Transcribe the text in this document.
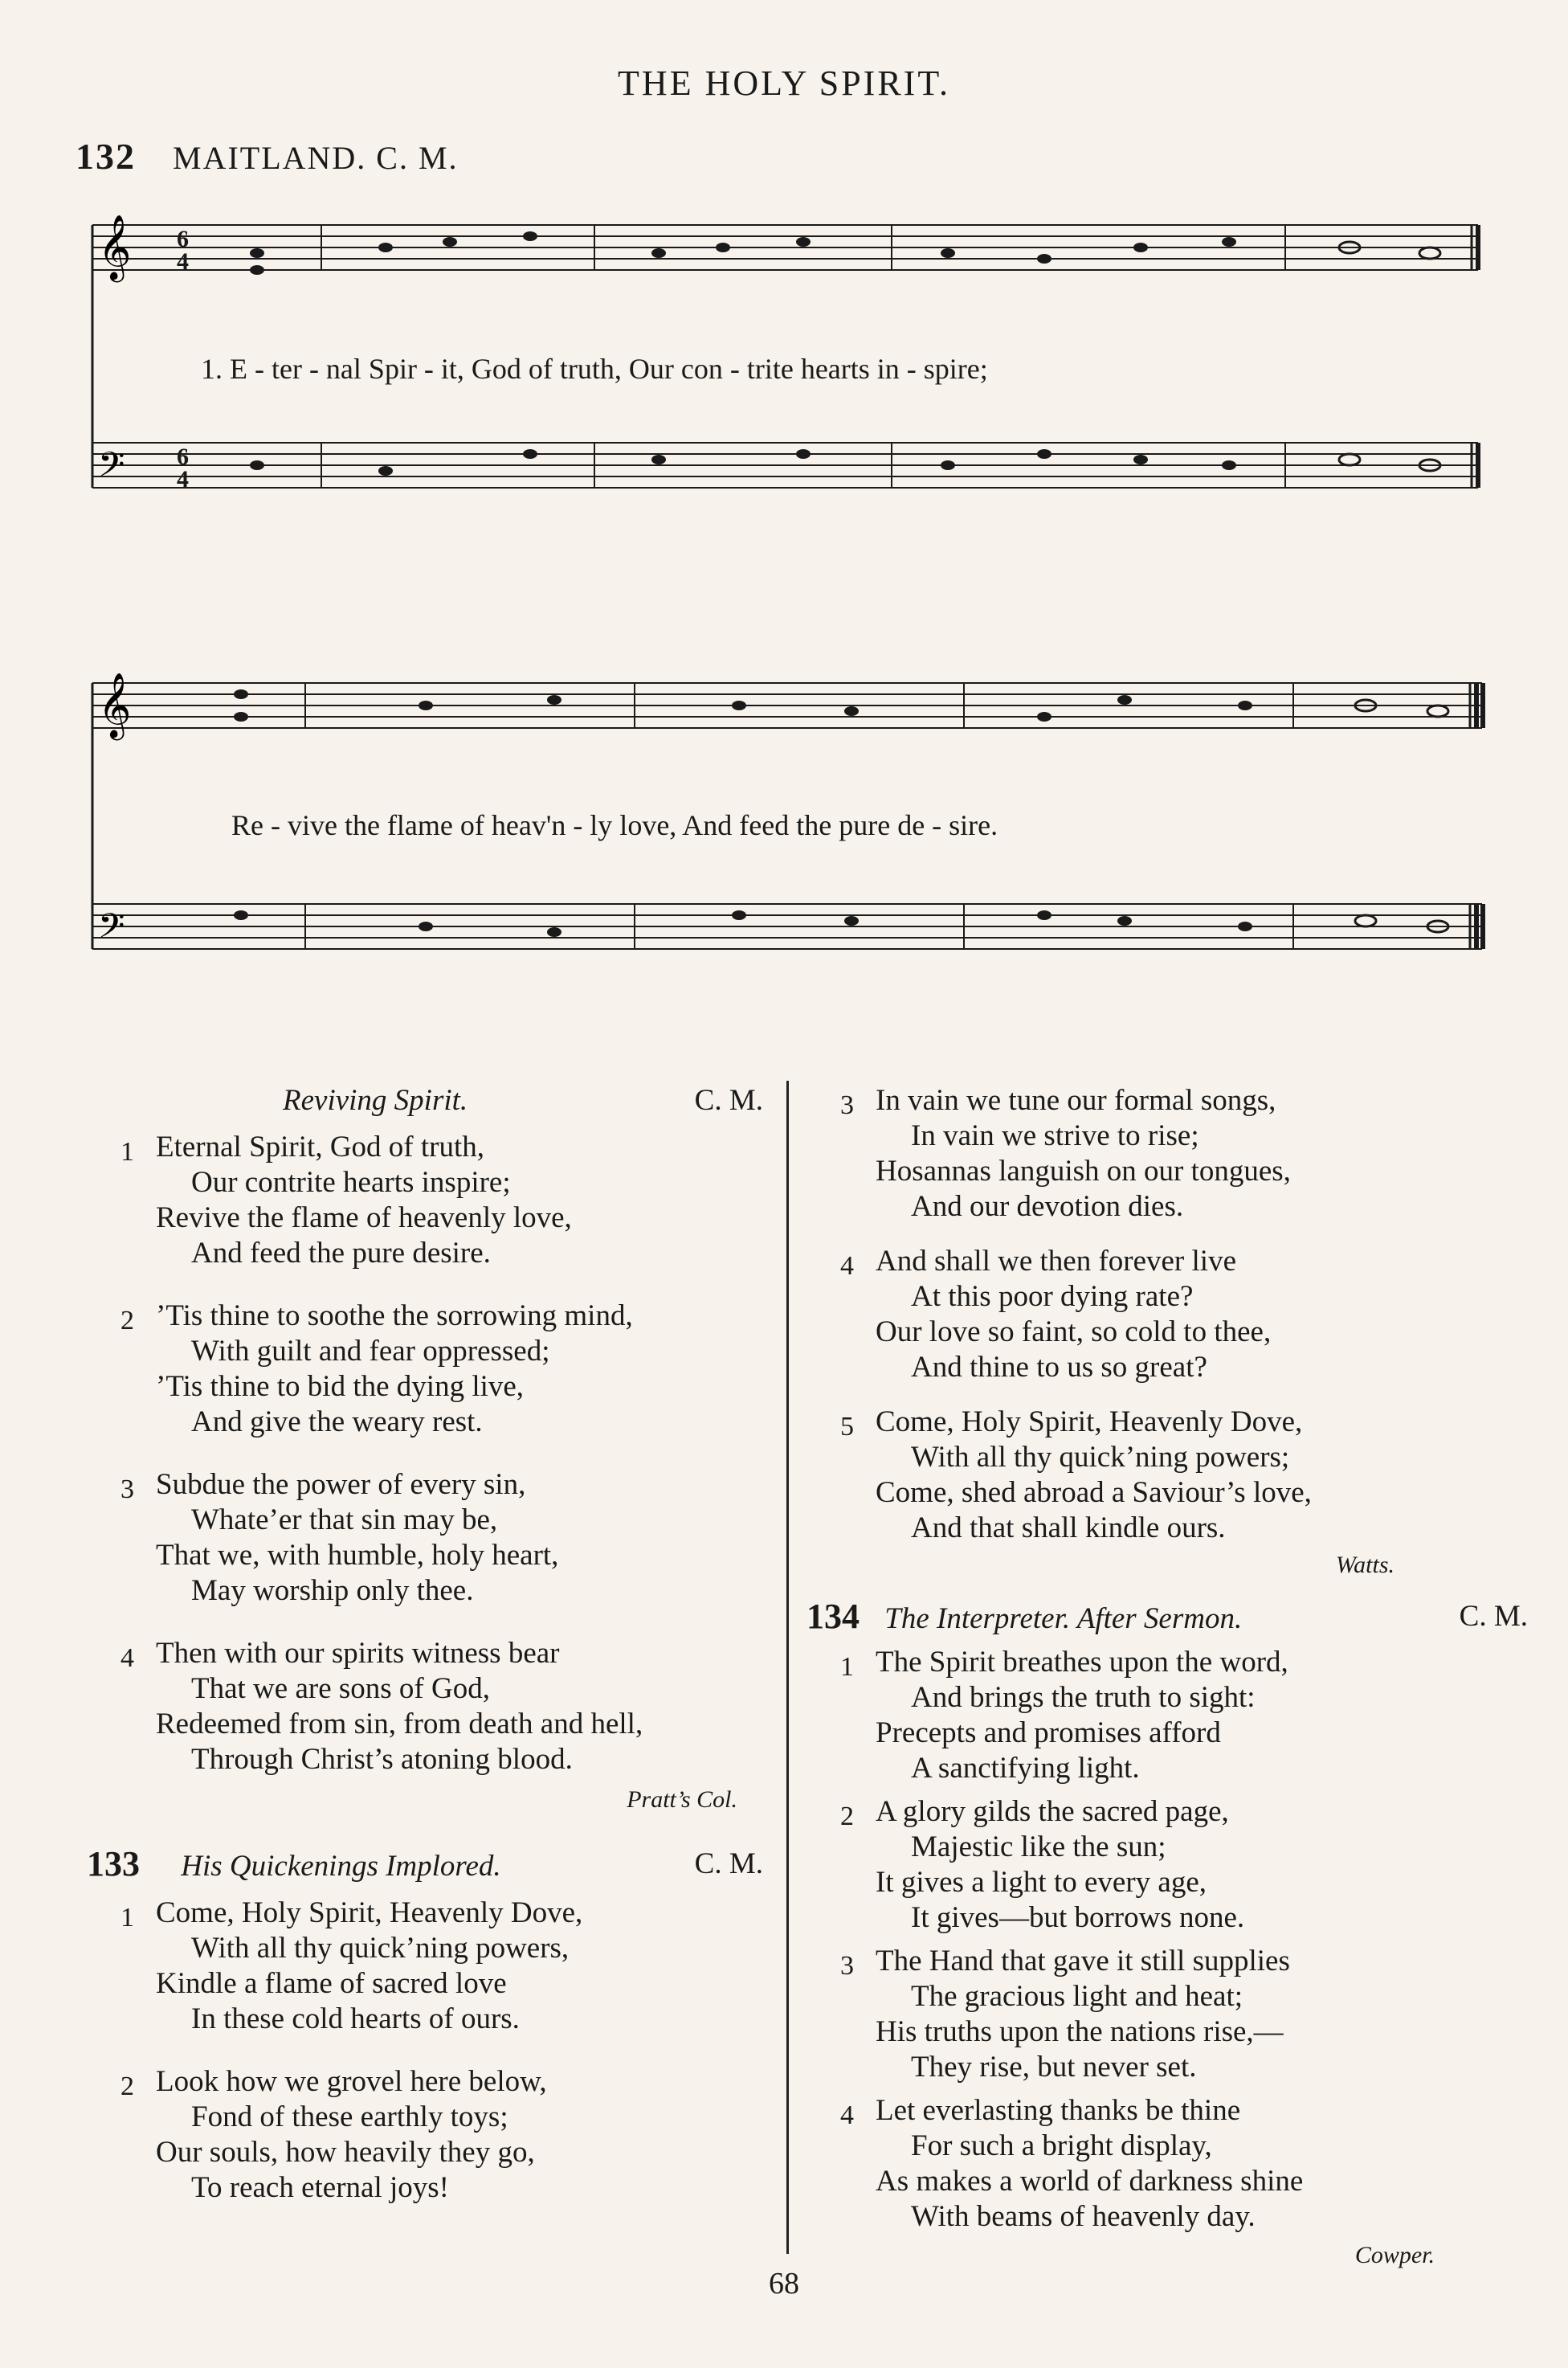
THE HOLY SPIRIT.
132 MAITLAND. C. M.
𝄞
𝄢
6
4
6
4
1. E - ter - nal Spir - it, God of truth, Our con - trite hearts in - spire;
𝄞
𝄢
Re - vive the flame of heav'n - ly love, And feed the pure de - sire.
Reviving Spirit.	C. M.
1 Eternal Spirit, God of truth,
Our contrite hearts inspire;
Revive the flame of heavenly love,
And feed the pure desire.
2 ’Tis thine to soothe the sorrowing mind,
With guilt and fear oppressed;
’Tis thine to bid the dying live,
And give the weary rest.
3 Subdue the power of every sin,
Whate’er that sin may be,
That we, with humble, holy heart,
May worship only thee.
4 Then with our spirits witness bear
That we are sons of God,
Redeemed from sin, from death and hell,
Through Christ’s atoning blood.
Pratt’s Col.
133 His Quickenings Implored.	C. M.
1 Come, Holy Spirit, Heavenly Dove,
With all thy quick’ning powers,
Kindle a flame of sacred love
In these cold hearts of ours.
2 Look how we grovel here below,
Fond of these earthly toys;
Our souls, how heavily they go,
To reach eternal joys!
3 In vain we tune our formal songs,
In vain we strive to rise;
Hosannas languish on our tongues,
And our devotion dies.
4 And shall we then forever live
At this poor dying rate?
Our love so faint, so cold to thee,
And thine to us so great?
5 Come, Holy Spirit, Heavenly Dove,
With all thy quick’ning powers;
Come, shed abroad a Saviour’s love,
And that shall kindle ours.
Watts.
134 The Interpreter. After Sermon.	C. M.
1 The Spirit breathes upon the word,
And brings the truth to sight:
Precepts and promises afford
A sanctifying light.
2 A glory gilds the sacred page,
Majestic like the sun;
It gives a light to every age,
It gives—but borrows none.
3 The Hand that gave it still supplies
The gracious light and heat;
His truths upon the nations rise,—
They rise, but never set.
4 Let everlasting thanks be thine
For such a bright display,
As makes a world of darkness shine
With beams of heavenly day.
Cowper.
68
